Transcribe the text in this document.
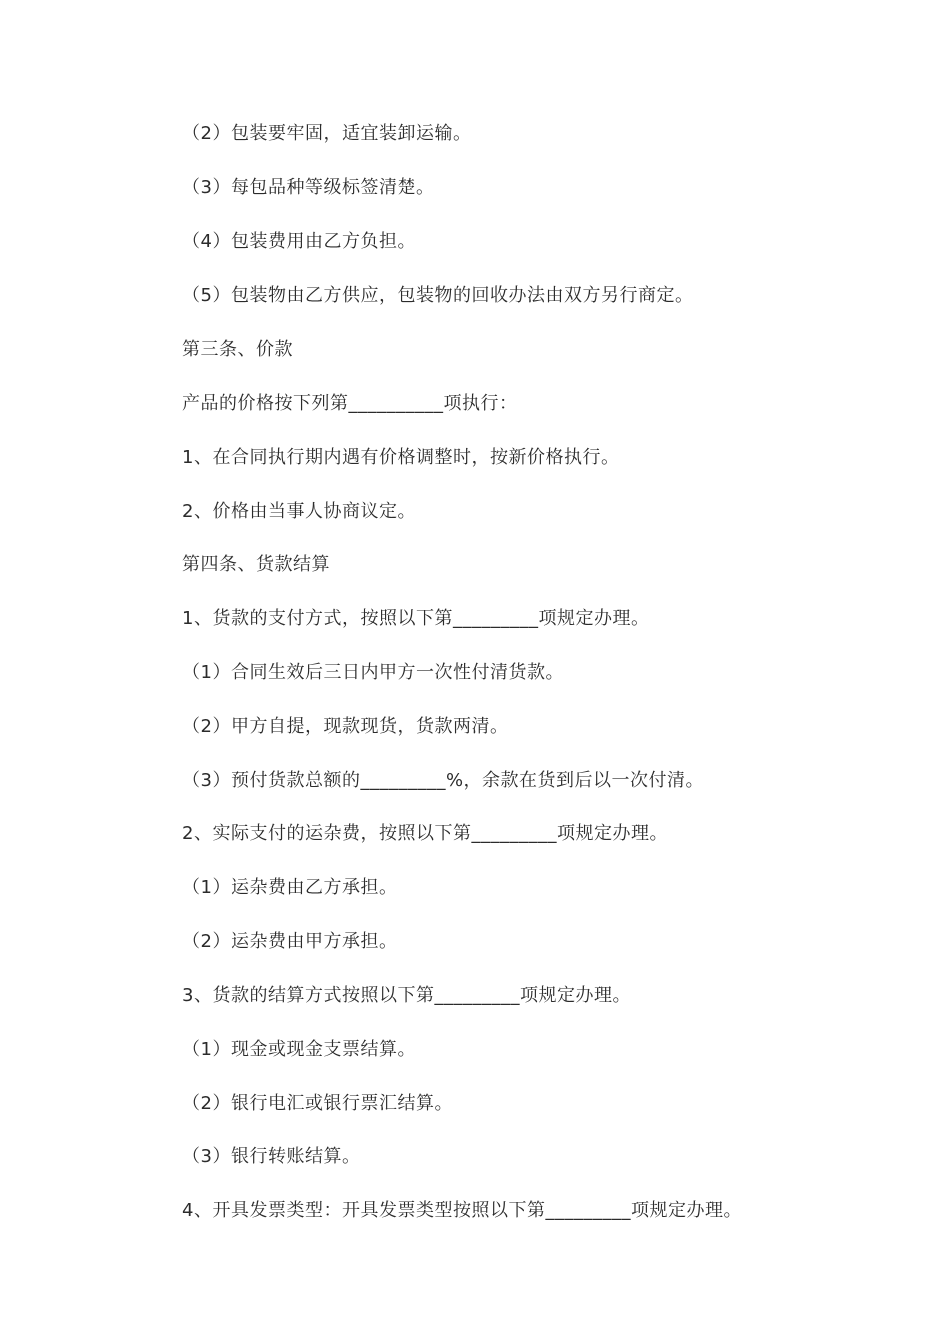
（2）包装要牢固，适宜装卸运输。
（3）每包品种等级标签清楚。
（4）包装费用由乙方负担。
（5）包装物由乙方供应，包装物的回收办法由双方另行商定。
第三条、价款
产品的价格按下列第__________项执行：
1、在合同执行期内遇有价格调整时，按新价格执行。
2、价格由当事人协商议定。
第四条、货款结算
1、货款的支付方式，按照以下第_________项规定办理。
（1）合同生效后三日内甲方一次性付清货款。
（2）甲方自提，现款现货，货款两清。
（3）预付货款总额的_________%，余款在货到后以一次付清。
2、实际支付的运杂费，按照以下第_________项规定办理。
（1）运杂费由乙方承担。
（2）运杂费由甲方承担。
3、货款的结算方式按照以下第_________项规定办理。
（1）现金或现金支票结算。
（2）银行电汇或银行票汇结算。
（3）银行转账结算。
4、开具发票类型：开具发票类型按照以下第_________项规定办理。
